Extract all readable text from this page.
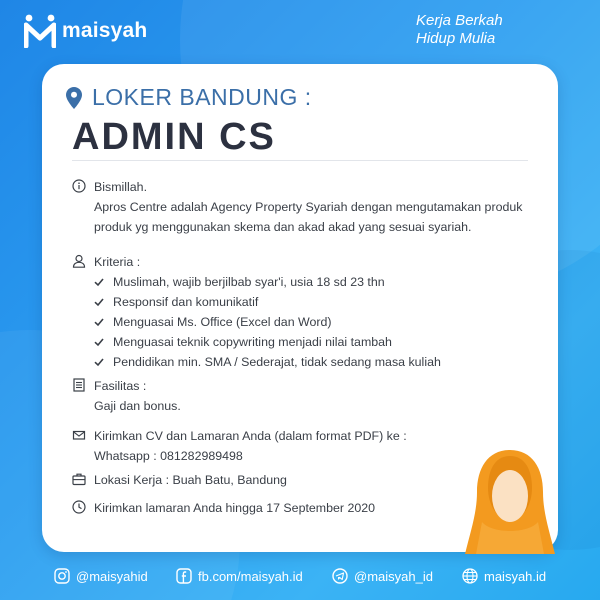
maisyah	Kerja Berkah
Hidup Mulia
LOKER BANDUNG :
ADMIN CS
Bismillah.
Apros Centre adalah Agency Property Syariah dengan mengutamakan produk produk yg menggunakan skema dan akad akad yang sesuai syariah.
Kriteria :
Muslimah, wajib berjilbab syar'i, usia 18 sd 23 thn
Responsif dan komunikatif
Menguasai Ms. Office (Excel dan Word)
Menguasai teknik copywriting menjadi nilai tambah
Pendidikan min. SMA / Sederajat, tidak sedang masa kuliah
Fasilitas :
Gaji dan bonus.
Kirimkan CV dan Lamaran Anda (dalam format PDF) ke :
Whatsapp : 081282989498
Lokasi Kerja : Buah Batu, Bandung
Kirimkan lamaran Anda hingga 17 September 2020
@maisyahid	fb.com/maisyah.id	@maisyah_id	maisyah.id
